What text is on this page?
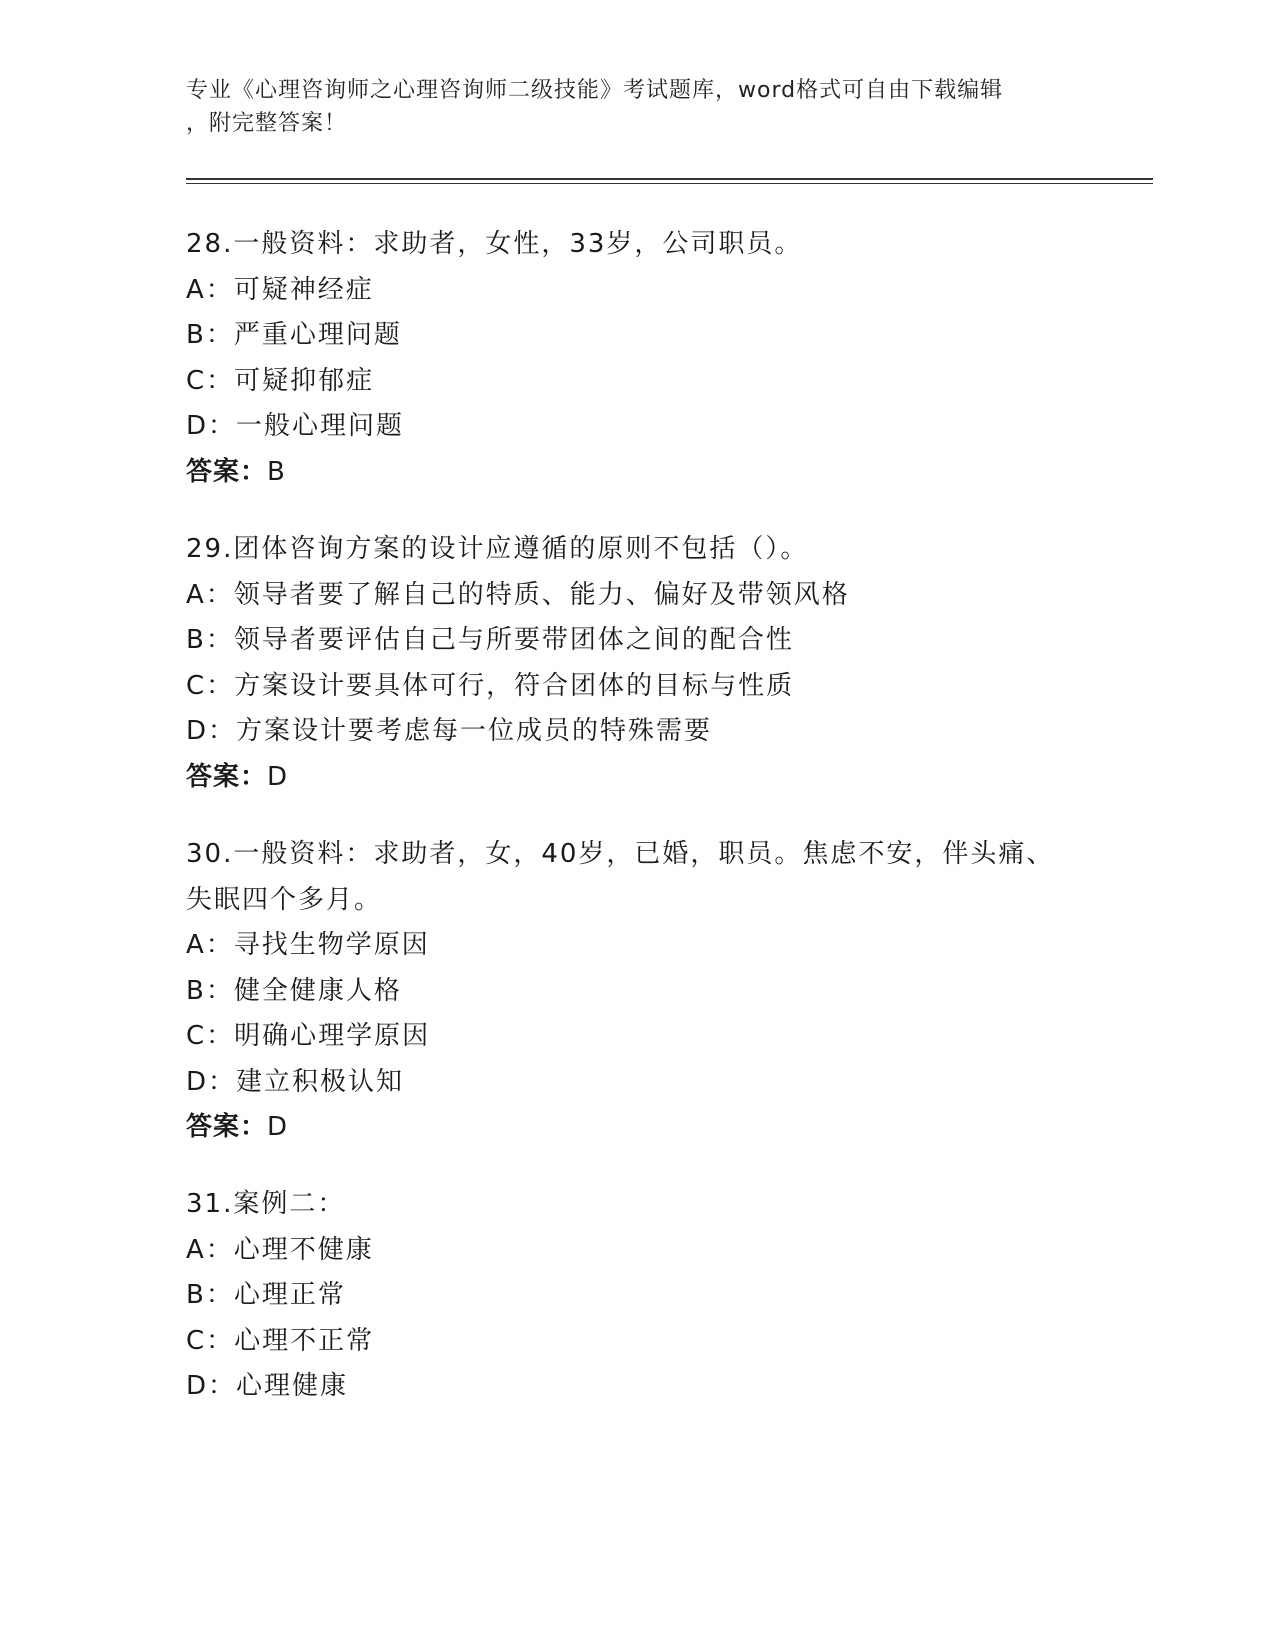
专业《心理咨询师之心理咨询师二级技能》考试题库，word格式可自由下载编辑
，附完整答案！
28.一般资料：求助者，女性，33岁，公司职员。
A：可疑神经症
B：严重心理问题
C：可疑抑郁症
D：一般心理问题
答案：B
29.团体咨询方案的设计应遵循的原则不包括（）。
A：领导者要了解自己的特质、能力、偏好及带领风格
B：领导者要评估自己与所要带团体之间的配合性
C：方案设计要具体可行，符合团体的目标与性质
D：方案设计要考虑每一位成员的特殊需要
答案：D
30.一般资料：求助者，女，40岁，已婚，职员。焦虑不安，伴头痛、
失眠四个多月。
A：寻找生物学原因
B：健全健康人格
C：明确心理学原因
D：建立积极认知
答案：D
31.案例二：
A：心理不健康
B：心理正常
C：心理不正常
D：心理健康
